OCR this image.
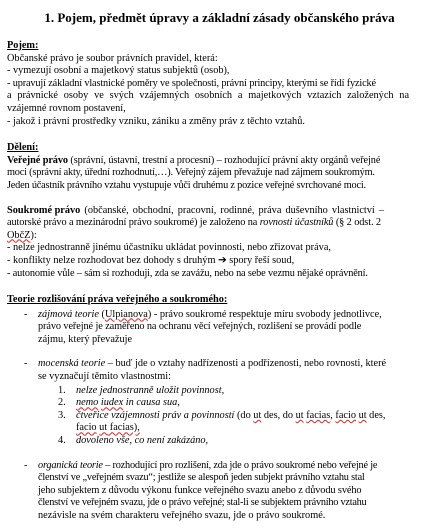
1. Pojem, předmět úpravy a základní zásady občanského práva
Pojem:
Občanské právo je soubor právních pravidel, která:
- vymezují osobní a majetkový status subjektů (osob),
- upravují základní vlastnické poměry ve společnosti, právní principy, kterými se řídí fyzické
a právnické osoby ve svých vzájemných osobních a majetkových vztazích založených na
vzájemné rovnom postavení,
- jakož i právní prostředky vzniku, zániku a změny práv z těchto vztahů.
Dělení:
Veřejné právo (správní, ústavní, trestní a procesní) – rozhodující právní akty orgánů veřejné
moci (správní akty, úřední rozhodnutí,…). Veřejný zájem převažuje nad zájmem soukromým.
Jeden účastník právního vztahu vystupuje vůči druhému z pozice veřejné svrchované moci.
Soukromé právo (občanské, obchodní, pracovní, rodinné, práva duševního vlastnictví –
autorské právo a mezinárodní právo soukromé) je založeno na rovnosti účastníků (§ 2 odst. 2
ObčZ):
- nelze jednostranně jinému účastníku ukládat povinnosti, nebo zřizovat práva,
- konflikty nelze rozhodovat bez dohody s druhým ➔ spory řeší soud,
- autonomie vůle – sám si rozhoduji, zda se zavážu, nebo na sebe vezmu nějaké oprávnění.
Teorie rozlišování práva veřejného a soukromého:
- zájmová teorie (Ulpianova) - právo soukromé respektuje míru svobody jednotlivce,
právo veřejné je zaměřeno na ochranu věcí veřejných, rozlišení se provádí podle
zájmu, který převažuje
- mocenská teorie – buď jde o vztahy nadřízenosti a podřízenosti, nebo rovnosti, které
se vyznačují těmito vlastnostmi:
1. nelze jednostranně uložit povinnost,
2. nemo iudex in causa sua,
3. čtveřice vzájemnosti práv a povinností (do ut des, do ut facias, facio ut des,
facio ut facias),
4. dovoleno vše, co není zakázáno,
- organická teorie – rozhodující pro rozlišení, zda jde o právo soukromé nebo veřejné je
členství ve „veřejném svazu“; jestliže se alespoň jeden subjekt právního vztahu stal
jeho subjektem z důvodu výkonu funkce veřejného svazu anebo z důvodu svého
členství ve veřejném svazu, jde o právo veřejné; stal-li se subjektem právního vztahu
nezávisle na svém charakteru veřejného svazu, jde o právo soukromé.
